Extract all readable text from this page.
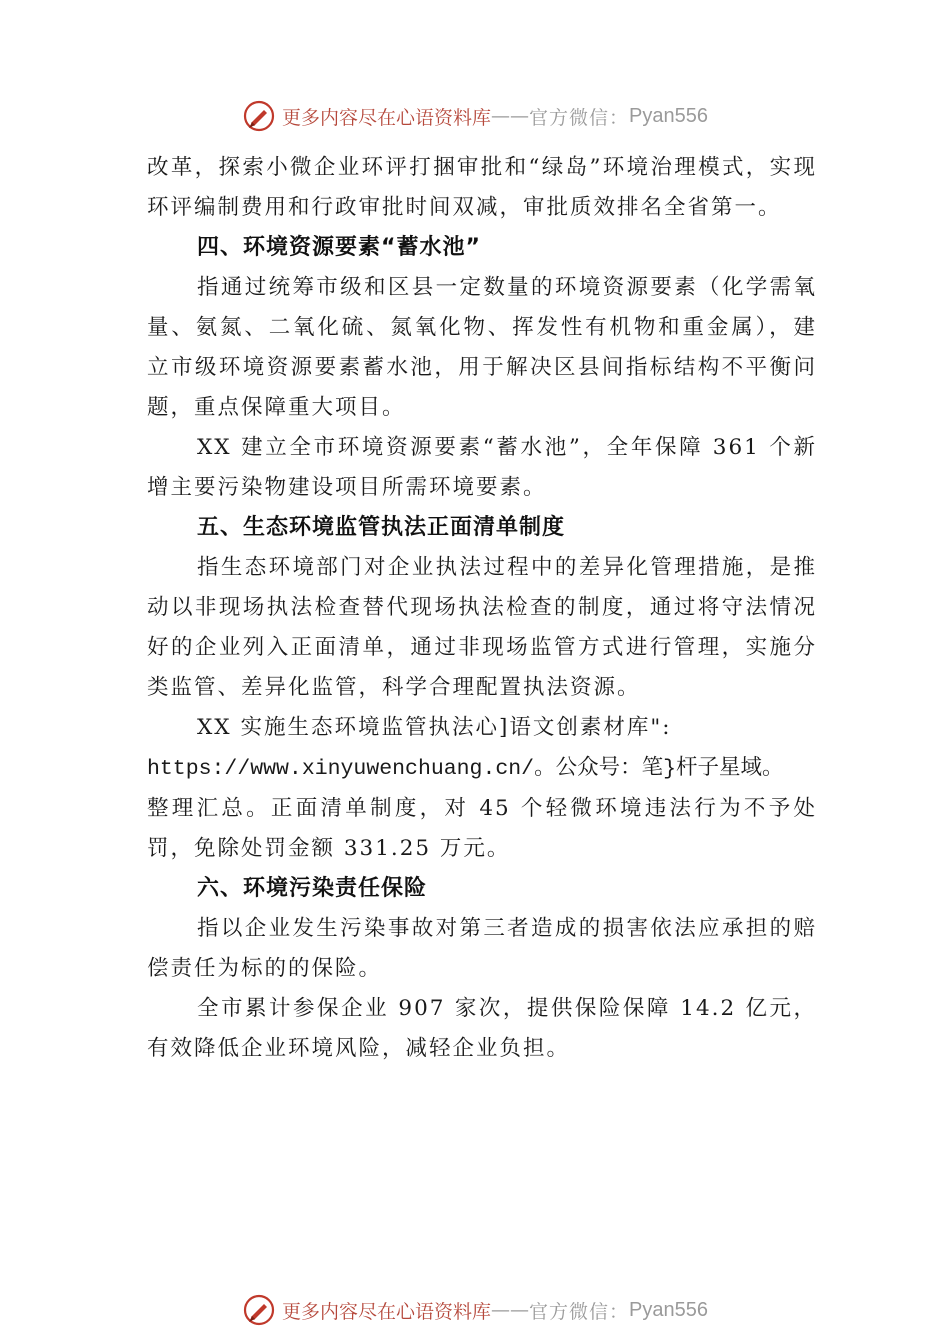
更多内容尽在心语资料库 —— 官方微信： Pyan556

改革，探索小微企业环评打捆审批和“绿岛”环境治理模式，实现环评编制费用和行政审批时间双减，审批质效排名全省第一。

四、环境资源要素“蓄水池”

指通过统筹市级和区县一定数量的环境资源要素（化学需氧量、氨氮、二氧化硫、氮氧化物、挥发性有机物和重金属），建立市级环境资源要素蓄水池，用于解决区县间指标结构不平衡问题，重点保障重大项目。

XX 建立全市环境资源要素“蓄水池”，全年保障 361 个新增主要污染物建设项目所需环境要素。

五、生态环境监管执法正面清单制度

指生态环境部门对企业执法过程中的差异化管理措施，是推动以非现场执法检查替代现场执法检查的制度，通过将守法情况好的企业列入正面清单，通过非现场监管方式进行管理，实施分类监管、差异化监管，科学合理配置执法资源。

XX 实施生态环境监管执法心]语文创素材库":

https://www.xinyuwenchuang.cn/。公众号：笔}杆子星域。

整理汇总。正面清单制度，对 45 个轻微环境违法行为不予处罚，免除处罚金额 331.25 万元。

六、环境污染责任保险

指以企业发生污染事故对第三者造成的损害依法应承担的赔偿责任为标的的保险。

全市累计参保企业 907 家次，提供保险保障 14.2 亿元，有效降低企业环境风险，减轻企业负担。

更多内容尽在心语资料库 —— 官方微信： Pyan556
